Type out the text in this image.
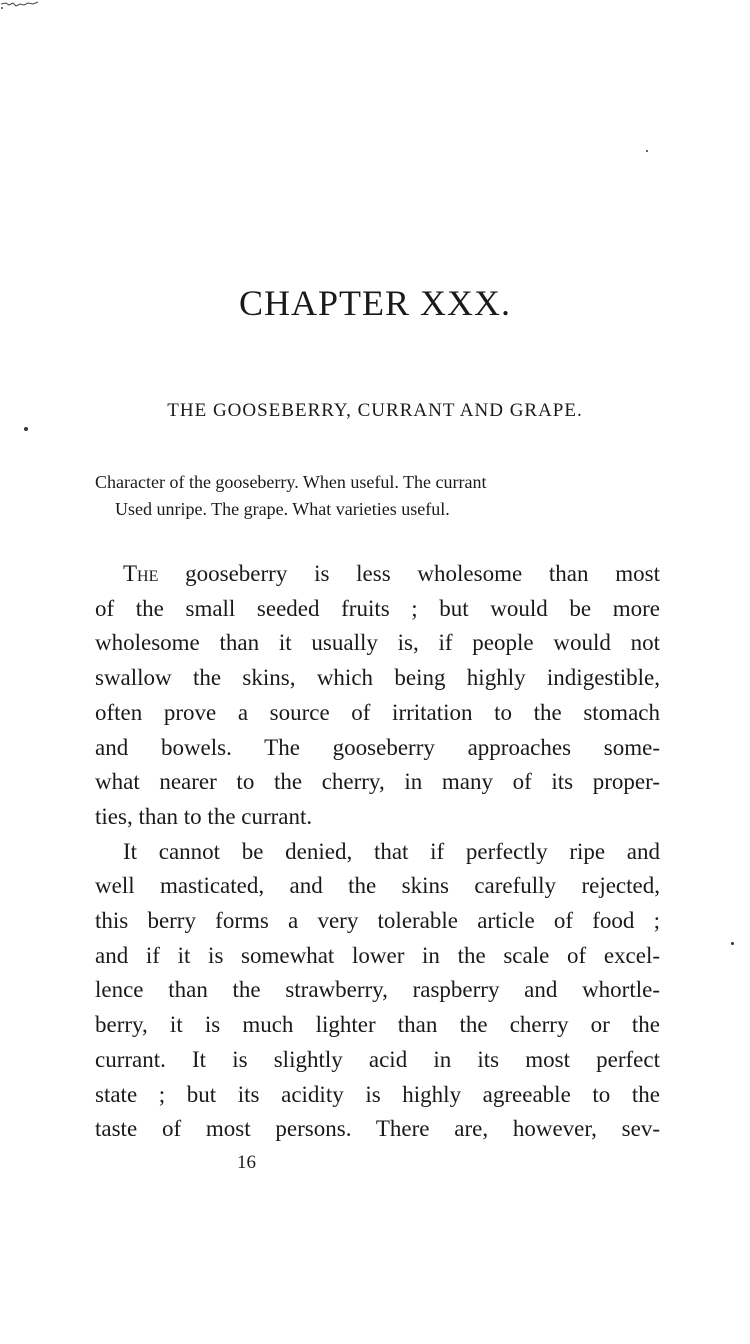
CHAPTER XXX.
THE GOOSEBERRY, CURRANT AND GRAPE.

Character of the gooseberry. When useful. The currant
Used unripe. The grape. What varieties useful.

The gooseberry is less wholesome than most
of the small seeded fruits ; but would be more
wholesome than it usually is, if people would not
swallow the skins, which being highly indigestible,
often prove a source of irritation to the stomach
and bowels. The gooseberry approaches some-
what nearer to the cherry, in many of its proper-
ties, than to the currant.
It cannot be denied, that if perfectly ripe and
well masticated, and the skins carefully rejected,
this berry forms a very tolerable article of food ;
and if it is somewhat lower in the scale of excel-
lence than the strawberry, raspberry and whortle-
berry, it is much lighter than the cherry or the
currant. It is slightly acid in its most perfect
state ; but its acidity is highly agreeable to the
taste of most persons. There are, however, sev-

16
